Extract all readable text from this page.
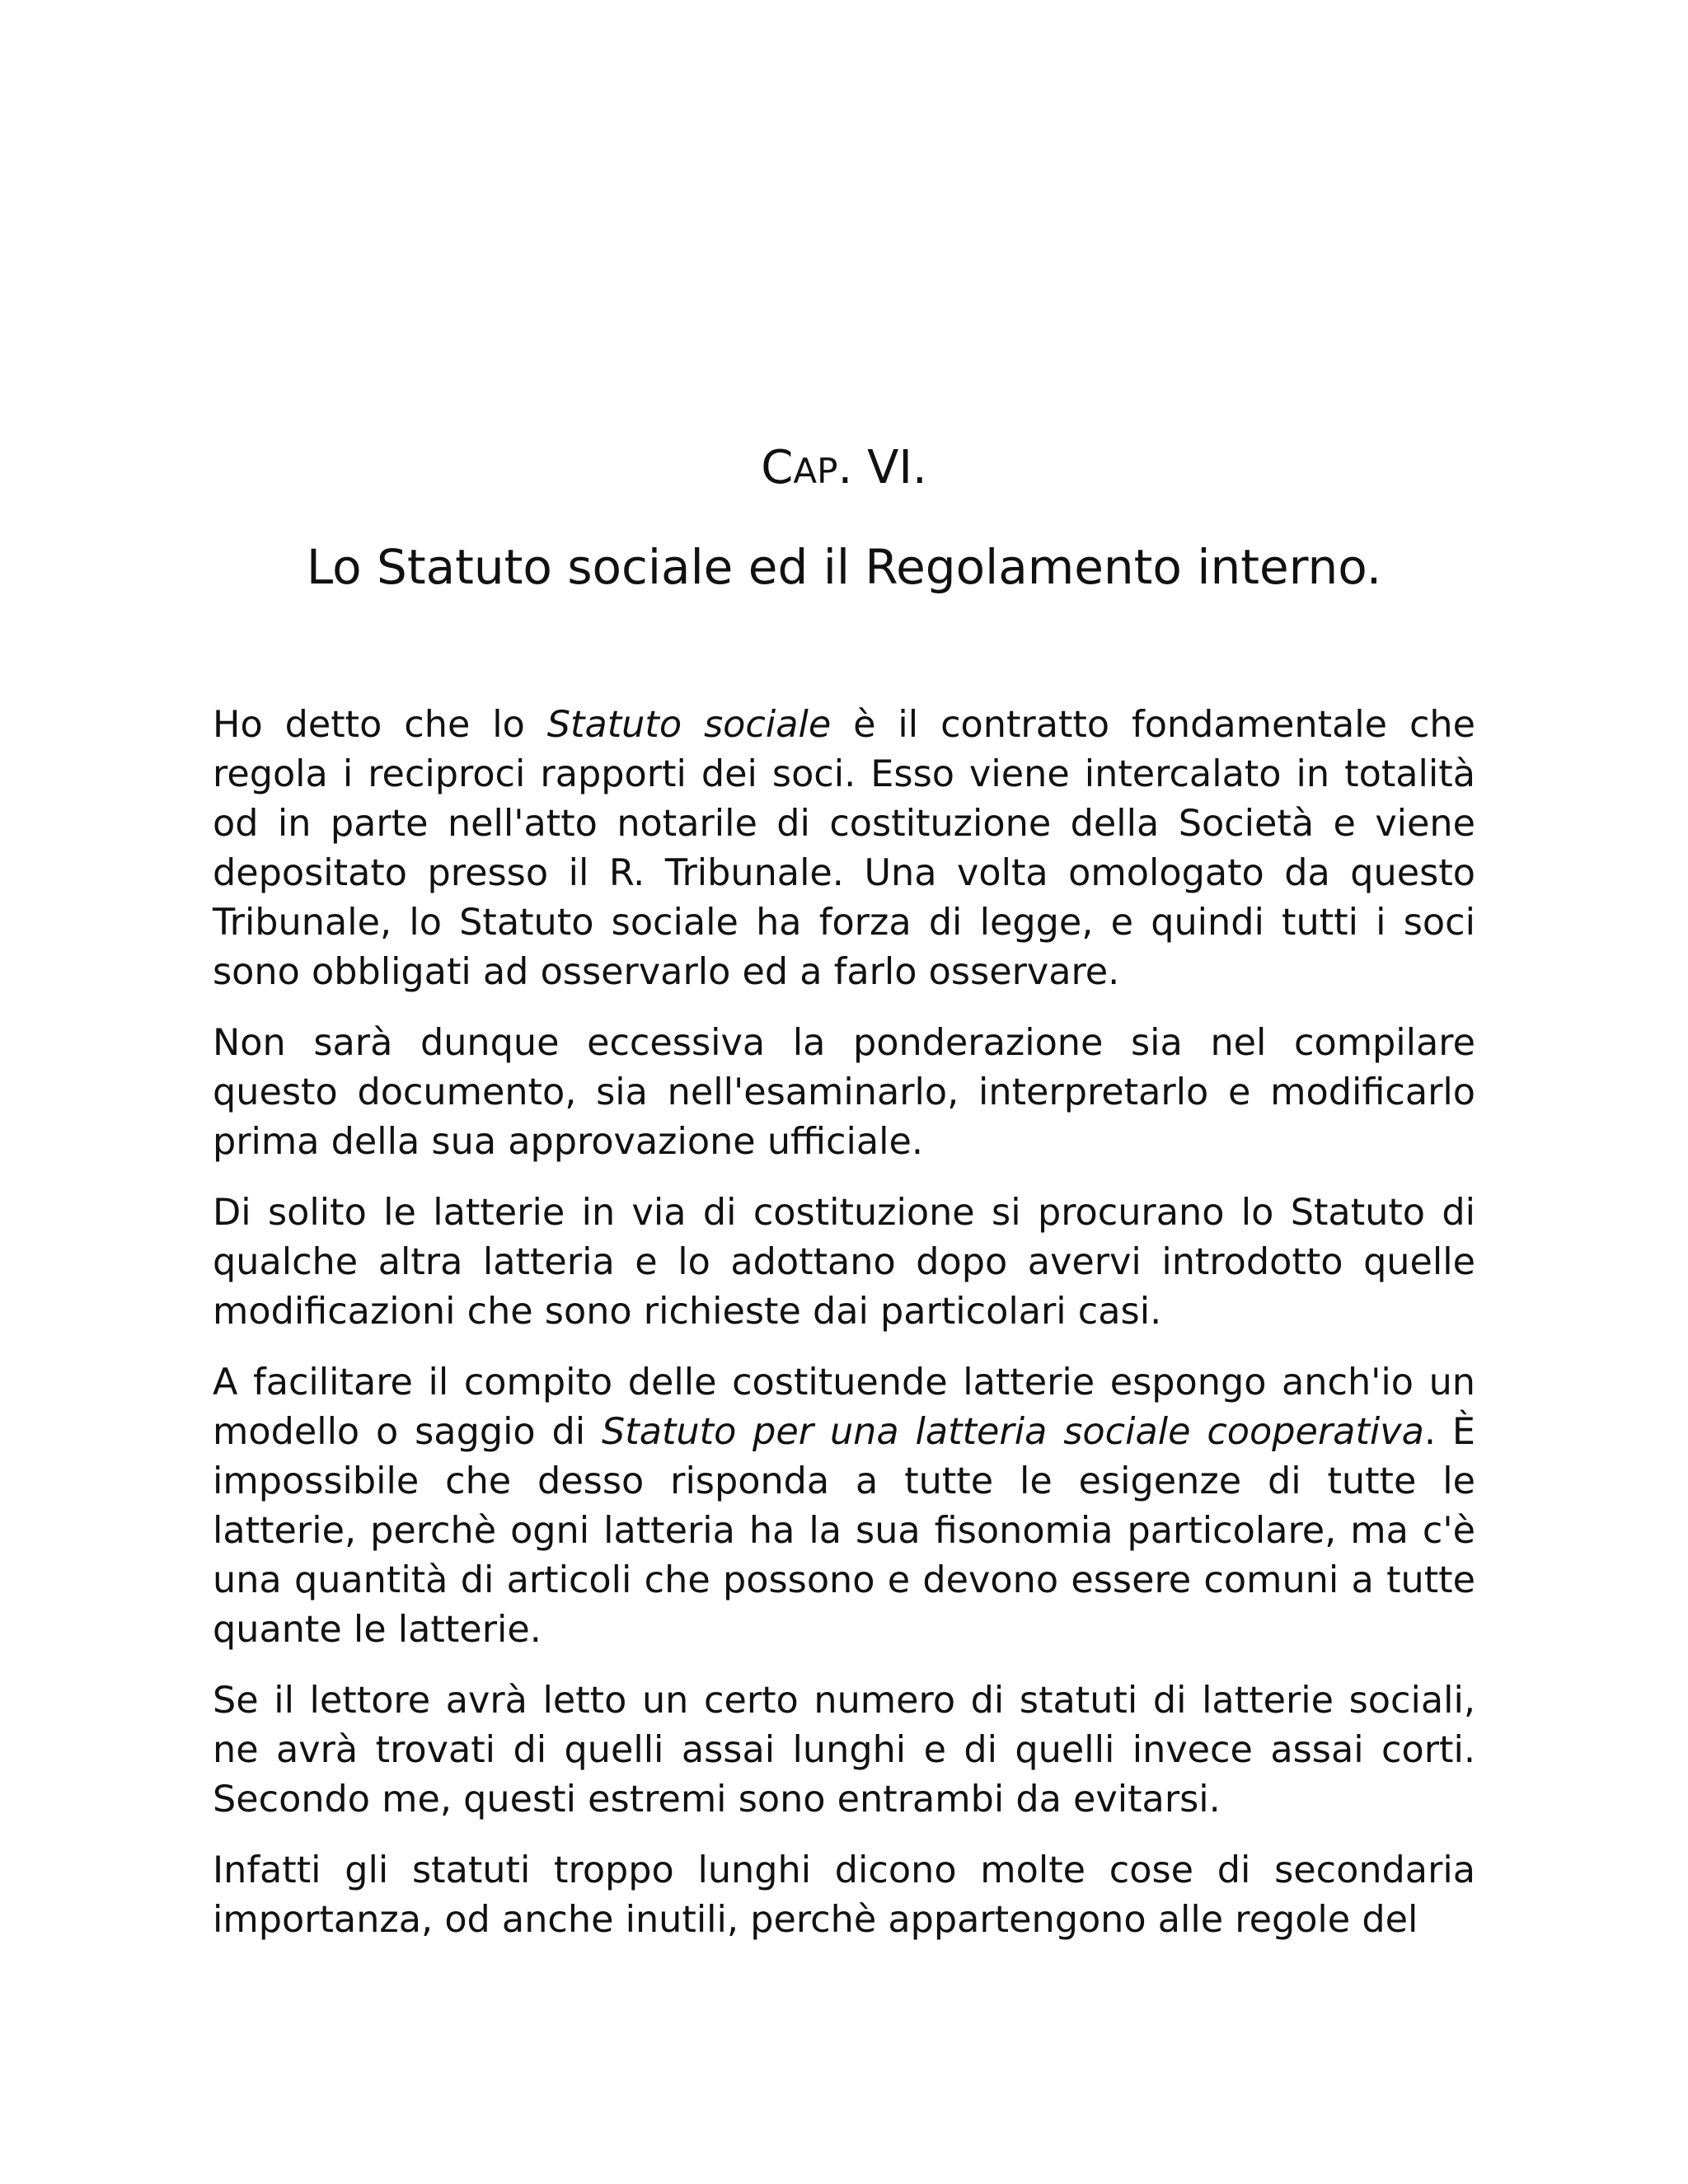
CAP. VI.
Lo Statuto sociale ed il Regolamento interno.

Ho detto che lo Statuto sociale è il contratto fondamentale che regola i reciproci rapporti dei soci. Esso viene intercalato in totalità od in parte nell'atto notarile di costituzione della Società e viene depositato presso il R. Tribunale. Una volta omologato da questo Tribunale, lo Statuto sociale ha forza di legge, e quindi tutti i soci sono obbligati ad osservarlo ed a farlo osservare.

Non sarà dunque eccessiva la ponderazione sia nel compilare questo documento, sia nell'esaminarlo, interpretarlo e modificarlo prima della sua approvazione ufficiale.

Di solito le latterie in via di costituzione si procurano lo Statuto di qualche altra latteria e lo adottano dopo avervi introdotto quelle modificazioni che sono richieste dai particolari casi.

A facilitare il compito delle costituende latterie espongo anch'io un modello o saggio di Statuto per una latteria sociale cooperativa. È impossibile che desso risponda a tutte le esigenze di tutte le latterie, perchè ogni latteria ha la sua fisonomia particolare, ma c'è una quantità di articoli che possono e devono essere comuni a tutte quante le latterie.

Se il lettore avrà letto un certo numero di statuti di latterie sociali, ne avrà trovati di quelli assai lunghi e di quelli invece assai corti. Secondo me, questi estremi sono entrambi da evitarsi.

Infatti gli statuti troppo lunghi dicono molte cose di secondaria importanza, od anche inutili, perchè appartengono alle regole del
